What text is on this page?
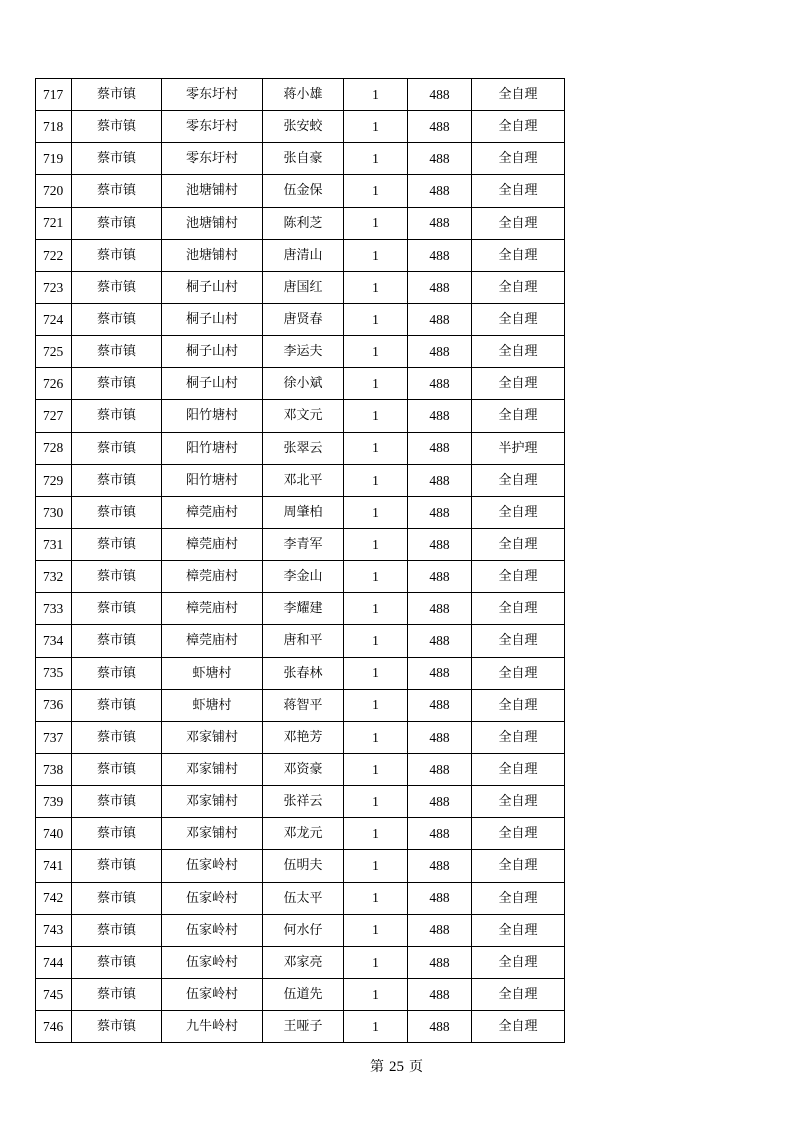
717	蔡市镇	零东圩村	蒋小雄	1	488	全自理
718	蔡市镇	零东圩村	张安蛟	1	488	全自理
719	蔡市镇	零东圩村	张自豪	1	488	全自理
720	蔡市镇	池塘铺村	伍金保	1	488	全自理
721	蔡市镇	池塘铺村	陈利芝	1	488	全自理
722	蔡市镇	池塘铺村	唐清山	1	488	全自理
723	蔡市镇	桐子山村	唐国红	1	488	全自理
724	蔡市镇	桐子山村	唐贤春	1	488	全自理
725	蔡市镇	桐子山村	李运夫	1	488	全自理
726	蔡市镇	桐子山村	徐小斌	1	488	全自理
727	蔡市镇	阳竹塘村	邓文元	1	488	全自理
728	蔡市镇	阳竹塘村	张翠云	1	488	半护理
729	蔡市镇	阳竹塘村	邓北平	1	488	全自理
730	蔡市镇	樟莞庙村	周肇柏	1	488	全自理
731	蔡市镇	樟莞庙村	李青军	1	488	全自理
732	蔡市镇	樟莞庙村	李金山	1	488	全自理
733	蔡市镇	樟莞庙村	李耀建	1	488	全自理
734	蔡市镇	樟莞庙村	唐和平	1	488	全自理
735	蔡市镇	虾塘村	张春林	1	488	全自理
736	蔡市镇	虾塘村	蒋智平	1	488	全自理
737	蔡市镇	邓家铺村	邓艳芳	1	488	全自理
738	蔡市镇	邓家铺村	邓资豪	1	488	全自理
739	蔡市镇	邓家铺村	张祥云	1	488	全自理
740	蔡市镇	邓家铺村	邓龙元	1	488	全自理
741	蔡市镇	伍家岭村	伍明夫	1	488	全自理
742	蔡市镇	伍家岭村	伍太平	1	488	全自理
743	蔡市镇	伍家岭村	何水仔	1	488	全自理
744	蔡市镇	伍家岭村	邓家亮	1	488	全自理
745	蔡市镇	伍家岭村	伍道先	1	488	全自理
746	蔡市镇	九牛岭村	王哑子	1	488	全自理
第 25 页
